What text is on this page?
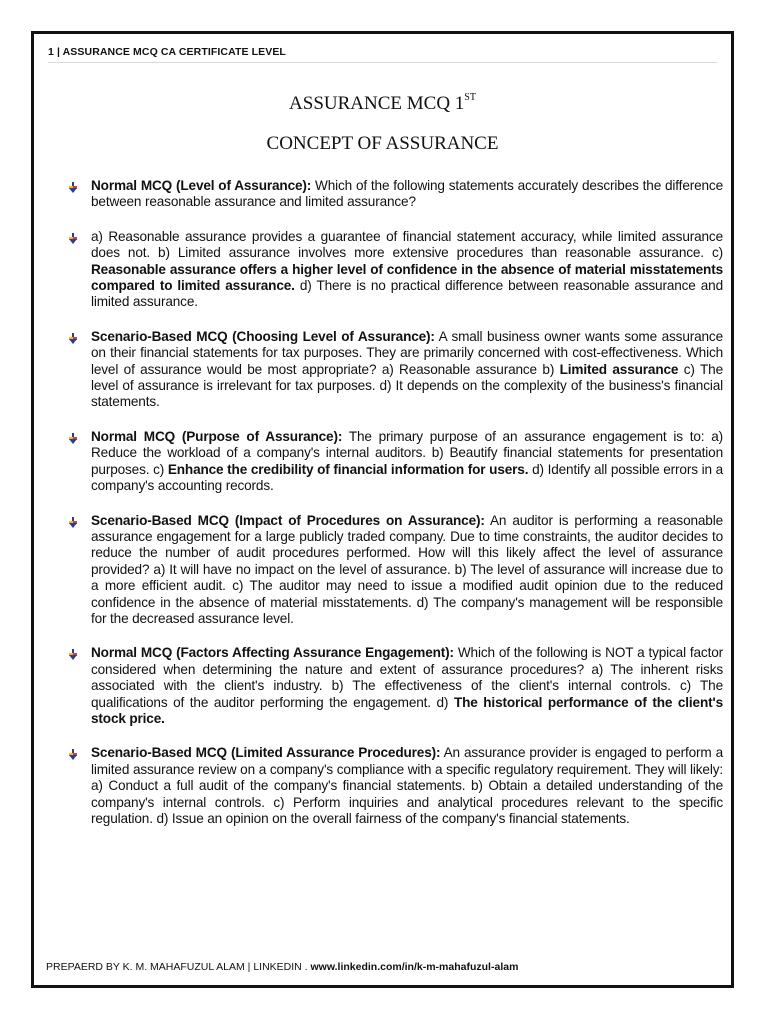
1 | ASSURANCE MCQ CA CERTIFICATE LEVEL
ASSURANCE MCQ 1ST
CONCEPT OF ASSURANCE
Normal MCQ (Level of Assurance): Which of the following statements accurately describes the difference between reasonable assurance and limited assurance?
a) Reasonable assurance provides a guarantee of financial statement accuracy, while limited assurance does not. b) Limited assurance involves more extensive procedures than reasonable assurance. c) Reasonable assurance offers a higher level of confidence in the absence of material misstatements compared to limited assurance. d) There is no practical difference between reasonable assurance and limited assurance.
Scenario-Based MCQ (Choosing Level of Assurance): A small business owner wants some assurance on their financial statements for tax purposes. They are primarily concerned with cost-effectiveness. Which level of assurance would be most appropriate? a) Reasonable assurance b) Limited assurance c) The level of assurance is irrelevant for tax purposes. d) It depends on the complexity of the business's financial statements.
Normal MCQ (Purpose of Assurance): The primary purpose of an assurance engagement is to: a) Reduce the workload of a company's internal auditors. b) Beautify financial statements for presentation purposes. c) Enhance the credibility of financial information for users. d) Identify all possible errors in a company's accounting records.
Scenario-Based MCQ (Impact of Procedures on Assurance): An auditor is performing a reasonable assurance engagement for a large publicly traded company. Due to time constraints, the auditor decides to reduce the number of audit procedures performed. How will this likely affect the level of assurance provided? a) It will have no impact on the level of assurance. b) The level of assurance will increase due to a more efficient audit. c) The auditor may need to issue a modified audit opinion due to the reduced confidence in the absence of material misstatements. d) The company's management will be responsible for the decreased assurance level.
Normal MCQ (Factors Affecting Assurance Engagement): Which of the following is NOT a typical factor considered when determining the nature and extent of assurance procedures? a) The inherent risks associated with the client's industry. b) The effectiveness of the client's internal controls. c) The qualifications of the auditor performing the engagement. d) The historical performance of the client's stock price.
Scenario-Based MCQ (Limited Assurance Procedures): An assurance provider is engaged to perform a limited assurance review on a company's compliance with a specific regulatory requirement. They will likely: a) Conduct a full audit of the company's financial statements. b) Obtain a detailed understanding of the company's internal controls. c) Perform inquiries and analytical procedures relevant to the specific regulation. d) Issue an opinion on the overall fairness of the company's financial statements.
PREPAERD BY K. M. MAHAFUZUL ALAM | LINKEDIN . www.linkedin.com/in/k-m-mahafuzul-alam
